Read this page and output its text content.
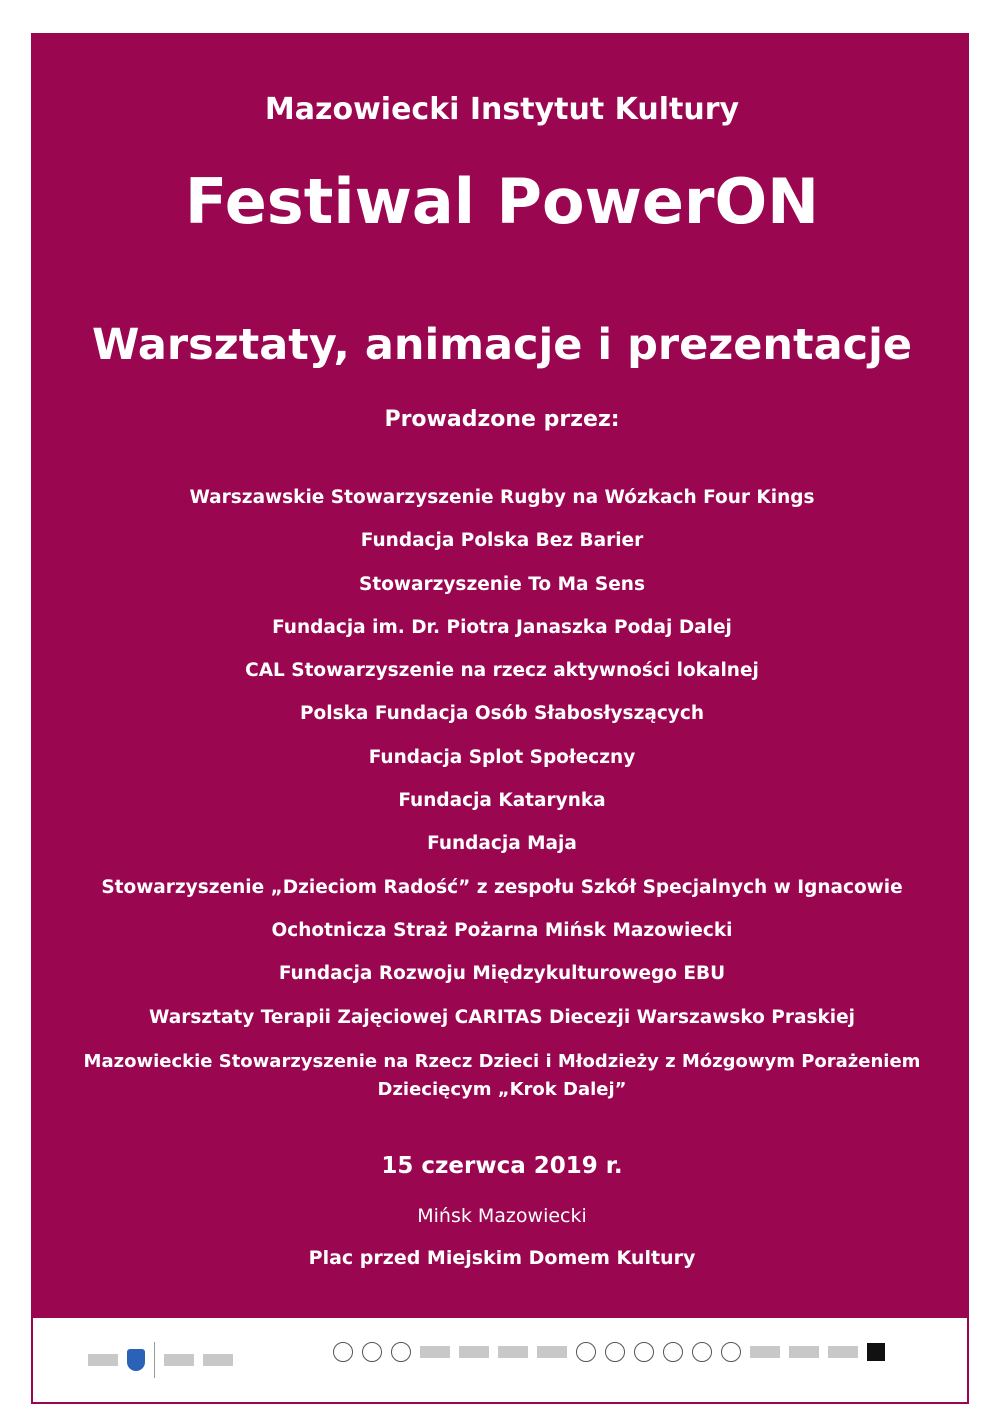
Mazowiecki Instytut Kultury
Festiwal PowerON
Warsztaty, animacje i prezentacje
Prowadzone przez:
Warszawskie Stowarzyszenie Rugby na Wózkach Four Kings
Fundacja Polska Bez Barier
Stowarzyszenie To Ma Sens
Fundacja im. Dr. Piotra Janaszka Podaj Dalej
CAL Stowarzyszenie na rzecz aktywności lokalnej
Polska Fundacja Osób Słabosłyszących
Fundacja Splot Społeczny
Fundacja Katarynka
Fundacja Maja
Stowarzyszenie „Dzieciom Radość” z zespołu Szkół Specjalnych w Ignacowie
Ochotnicza Straż Pożarna Mińsk Mazowiecki
Fundacja Rozwoju Międzykulturowego EBU
Warsztaty Terapii Zajęciowej CARITAS Diecezji Warszawsko Praskiej
Mazowieckie Stowarzyszenie na Rzecz Dzieci i Młodzieży z Mózgowym Porażeniem Dziecięcym „Krok Dalej”
15 czerwca 2019 r.
Mińsk Mazowiecki
Plac przed Miejskim Domem Kultury
